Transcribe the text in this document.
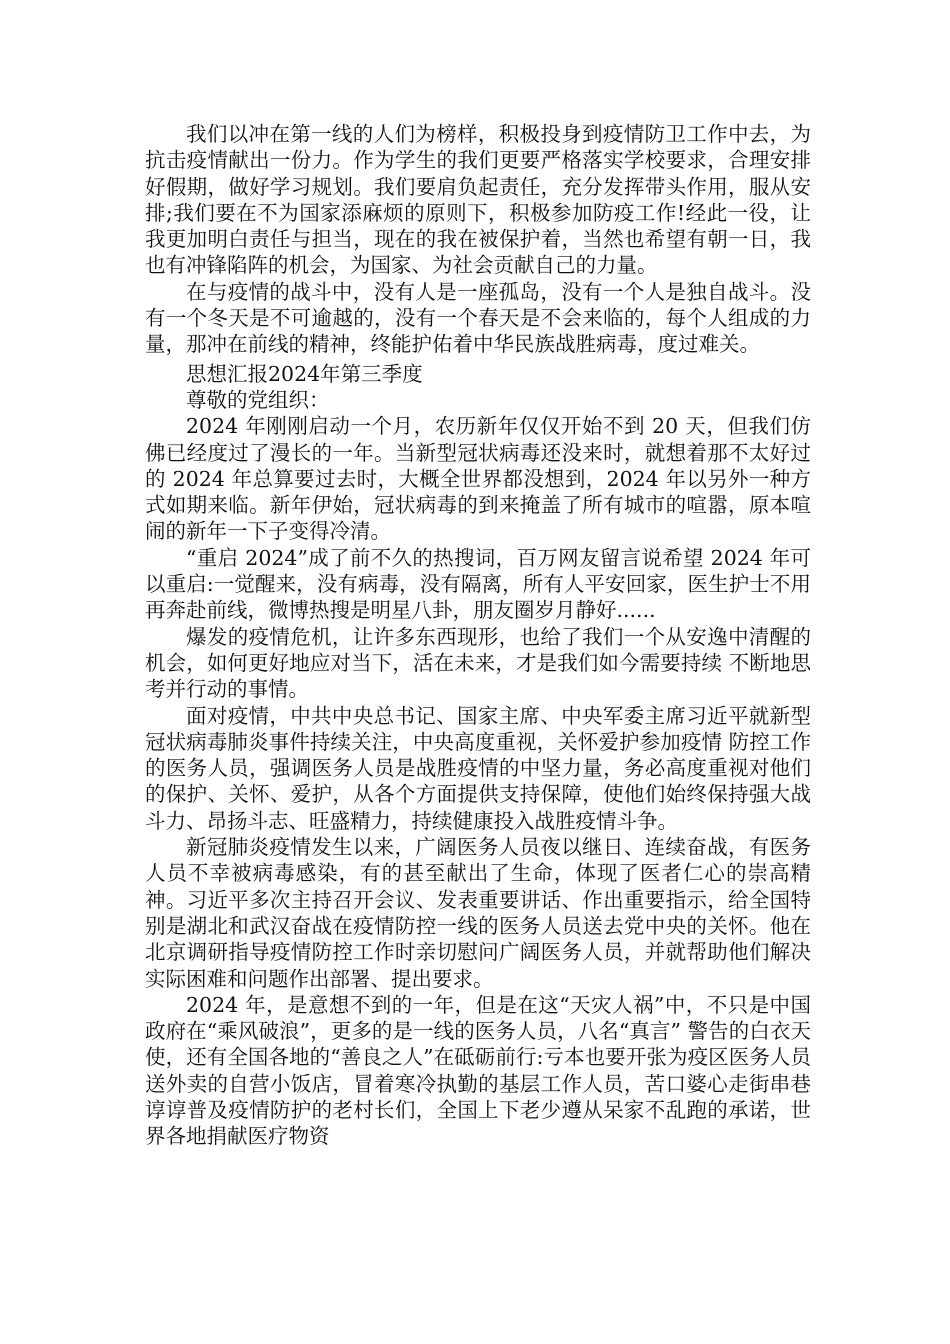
我们以冲在第一线的人们为榜样，积极投身到疫情防卫工作中去，为抗击疫情献出一份力。作为学生的我们更要严格落实学校要求，合理安排好假期，做好学习规划。我们要肩负起责任，充分发挥带头作用，服从安排;我们要在不为国家添麻烦的原则下，积极参加防疫工作!经此一役，让我更加明白责任与担当，现在的我在被保护着，当然也希望有朝一日，我也有冲锋陷阵的机会，为国家、为社会贡献自己的力量。

在与疫情的战斗中，没有人是一座孤岛，没有一个人是独自战斗。没有一个冬天是不可逾越的，没有一个春天是不会来临的，每个人组成的力量，那冲在前线的精神，终能护佑着中华民族战胜病毒，度过难关。

思想汇报2024年第三季度

尊敬的党组织：

2024 年刚刚启动一个月，农历新年仅仅开始不到 20 天，但我们仿佛已经度过了漫长的一年。当新型冠状病毒还没来时，就想着那不太好过的 2024 年总算要过去时，大概全世界都没想到，2024 年以另外一种方式如期来临。新年伊始，冠状病毒的到来掩盖了所有城市的喧嚣，原本喧闹的新年一下子变得冷清。

“重启 2024”成了前不久的热搜词，百万网友留言说希望 2024 年可以重启:一觉醒来，没有病毒，没有隔离，所有人平安回家，医生护士不用再奔赴前线，微博热搜是明星八卦，朋友圈岁月静好......

爆发的疫情危机，让许多东西现形，也给了我们一个从安逸中清醒的机会，如何更好地应对当下，活在未来，才是我们如今需要持续 不断地思考并行动的事情。

面对疫情，中共中央总书记、国家主席、中央军委主席习近平就新型冠状病毒肺炎事件持续关注，中央高度重视，关怀爱护参加疫情 防控工作的医务人员，强调医务人员是战胜疫情的中坚力量，务必高度重视对他们的保护、关怀、爱护，从各个方面提供支持保障，使他们始终保持强大战斗力、昂扬斗志、旺盛精力，持续健康投入战胜疫情斗争。

新冠肺炎疫情发生以来，广阔医务人员夜以继日、连续奋战，有医务人员不幸被病毒感染，有的甚至献出了生命，体现了医者仁心的崇高精神。习近平多次主持召开会议、发表重要讲话、作出重要指示，给全国特别是湖北和武汉奋战在疫情防控一线的医务人员送去党中央的关怀。他在北京调研指导疫情防控工作时亲切慰问广阔医务人员，并就帮助他们解决实际困难和问题作出部署、提出要求。

2024 年，是意想不到的一年，但是在这“天灾人祸”中，不只是中国政府在“乘风破浪”，更多的是一线的医务人员，八名“真言” 警告的白衣天使，还有全国各地的“善良之人”在砥砺前行:亏本也要开张为疫区医务人员送外卖的自营小饭店，冒着寒冷执勤的基层工作人员，苦口婆心走街串巷谆谆普及疫情防护的老村长们，全国上下老少遵从呆家不乱跑的承诺，世界各地捐献医疗物资
